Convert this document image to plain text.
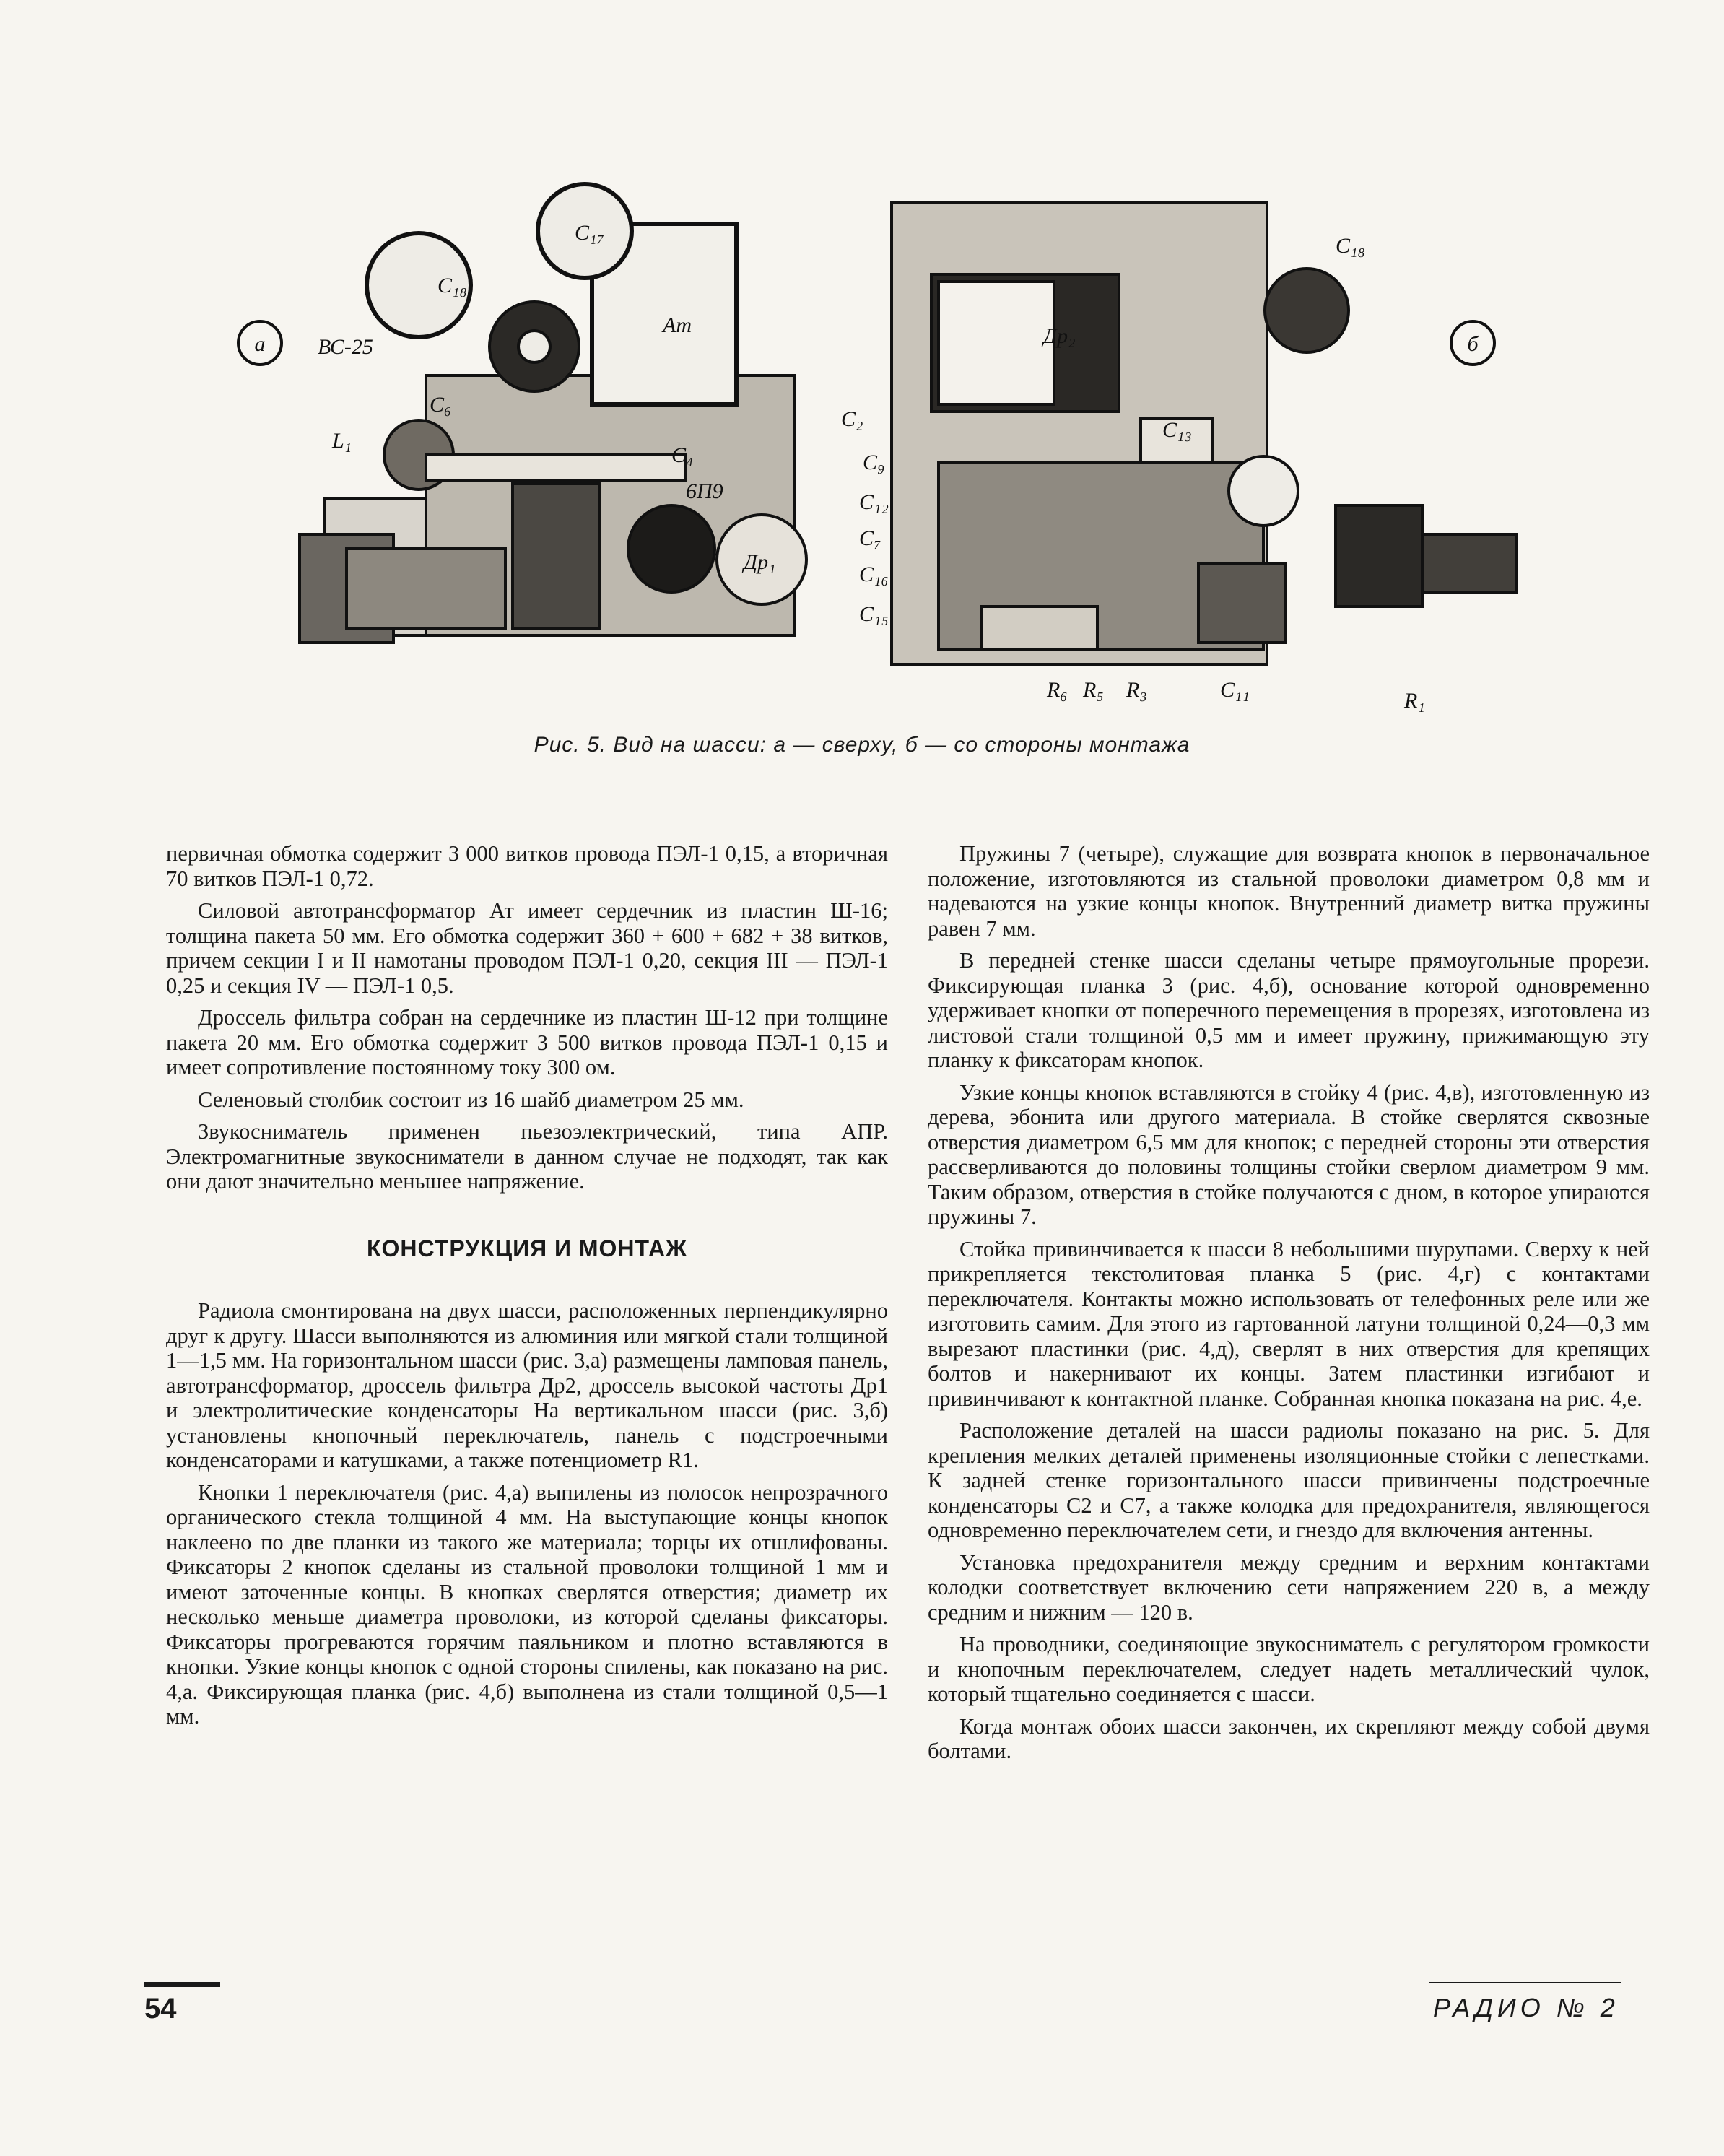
а	б
Ат
C₁₈
C₁₇
ВС-25
C₆
L₁
C₄
6П9
Др₁
C₂
Др₂
C₁₈
C₁₃
C₉
C₁₂
C₇
C₁₆
C₁₅
R₆ R₅ R₃	C₁₁	R₁
Рис. 5. Вид на шасси: а — сверху, б — со стороны монтажа

первичная обмотка содержит 3 000 витков провода ПЭЛ-1 0,15, а вторичная 70 витков ПЭЛ-1 0,72.

Силовой автотрансформатор Ат имеет сердечник из пластин Ш-16; толщина пакета 50 мм. Его обмотка содержит 360 + 600 + 682 + 38 витков, причем секции I и II намотаны проводом ПЭЛ-1 0,20, секция III — ПЭЛ-1 0,25 и секция IV — ПЭЛ-1 0,5.

Дроссель фильтра собран на сердечнике из пластин Ш-12 при толщине пакета 20 мм. Его обмотка содержит 3 500 витков провода ПЭЛ-1 0,15 и имеет сопротивление постоянному току 300 ом.

Селеновый столбик состоит из 16 шайб диаметром 25 мм.

Звукосниматель применен пьезоэлектрический, типа АПР. Электромагнитные звукосниматели в данном случае не подходят, так как они дают значительно меньшее напряжение.

КОНСТРУКЦИЯ И МОНТАЖ

Радиола смонтирована на двух шасси, расположенных перпендикулярно друг к другу. Шасси выполняются из алюминия или мягкой стали толщиной 1—1,5 мм. На горизонтальном шасси (рис. 3,а) размещены ламповая панель, автотрансформатор, дроссель фильтра Др2, дроссель высокой частоты Др1 и электролитические конденсаторы На вертикальном шасси (рис. 3,б) установлены кнопочный переключатель, панель с подстроечными конденсаторами и катушками, а также потенциометр R1.

Кнопки 1 переключателя (рис. 4,а) выпилены из полосок непрозрачного органического стекла толщиной 4 мм. На выступающие концы кнопок наклеено по две планки из такого же материала; торцы их отшлифованы. Фиксаторы 2 кнопок сделаны из стальной проволоки толщиной 1 мм и имеют заточенные концы. В кнопках сверлятся отверстия; диаметр их несколько меньше диаметра проволоки, из которой сделаны фиксаторы. Фиксаторы прогреваются горячим паяльником и плотно вставляются в кнопки. Узкие концы кнопок с одной стороны спилены, как показано на рис. 4,а. Фиксирующая планка (рис. 4,б) выполнена из стали толщиной 0,5—1 мм.

Пружины 7 (четыре), служащие для возврата кнопок в первоначальное положение, изготовляются из стальной проволоки диаметром 0,8 мм и надеваются на узкие концы кнопок. Внутренний диаметр витка пружины равен 7 мм.

В передней стенке шасси сделаны четыре прямоугольные прорези. Фиксирующая планка 3 (рис. 4,б), основание которой одновременно удерживает кнопки от поперечного перемещения в прорезях, изготовлена из листовой стали толщиной 0,5 мм и имеет пружину, прижимающую эту планку к фиксаторам кнопок.

Узкие концы кнопок вставляются в стойку 4 (рис. 4,в), изготовленную из дерева, эбонита или другого материала. В стойке сверлятся сквозные отверстия диаметром 6,5 мм для кнопок; с передней стороны эти отверстия рассверливаются до половины толщины стойки сверлом диаметром 9 мм. Таким образом, отверстия в стойке получаются с дном, в которое упираются пружины 7.

Стойка привинчивается к шасси 8 небольшими шурупами. Сверху к ней прикрепляется текстолитовая планка 5 (рис. 4,г) с контактами переключателя. Контакты можно использовать от телефонных реле или же изготовить самим. Для этого из гартованной латуни толщиной 0,24—0,3 мм вырезают пластинки (рис. 4,д), сверлят в них отверстия для крепящих болтов и накернивают их концы. Затем пластинки изгибают и привинчивают к контактной планке. Собранная кнопка показана на рис. 4,е.

Расположение деталей на шасси радиолы показано на рис. 5. Для крепления мелких деталей применены изоляционные стойки с лепестками. К задней стенке горизонтального шасси привинчены подстроечные конденсаторы C2 и C7, а также колодка для предохранителя, являющегося одновременно переключателем сети, и гнездо для включения антенны.

Установка предохранителя между средним и верхним контактами колодки соответствует включению сети напряжением 220 в, а между средним и нижним — 120 в.

На проводники, соединяющие звукосниматель с регулятором громкости и кнопочным переключателем, следует надеть металлический чулок, который тщательно соединяется с шасси.

Когда монтаж обоих шасси закончен, их скрепляют между собой двумя болтами.

54	РАДИО № 2
